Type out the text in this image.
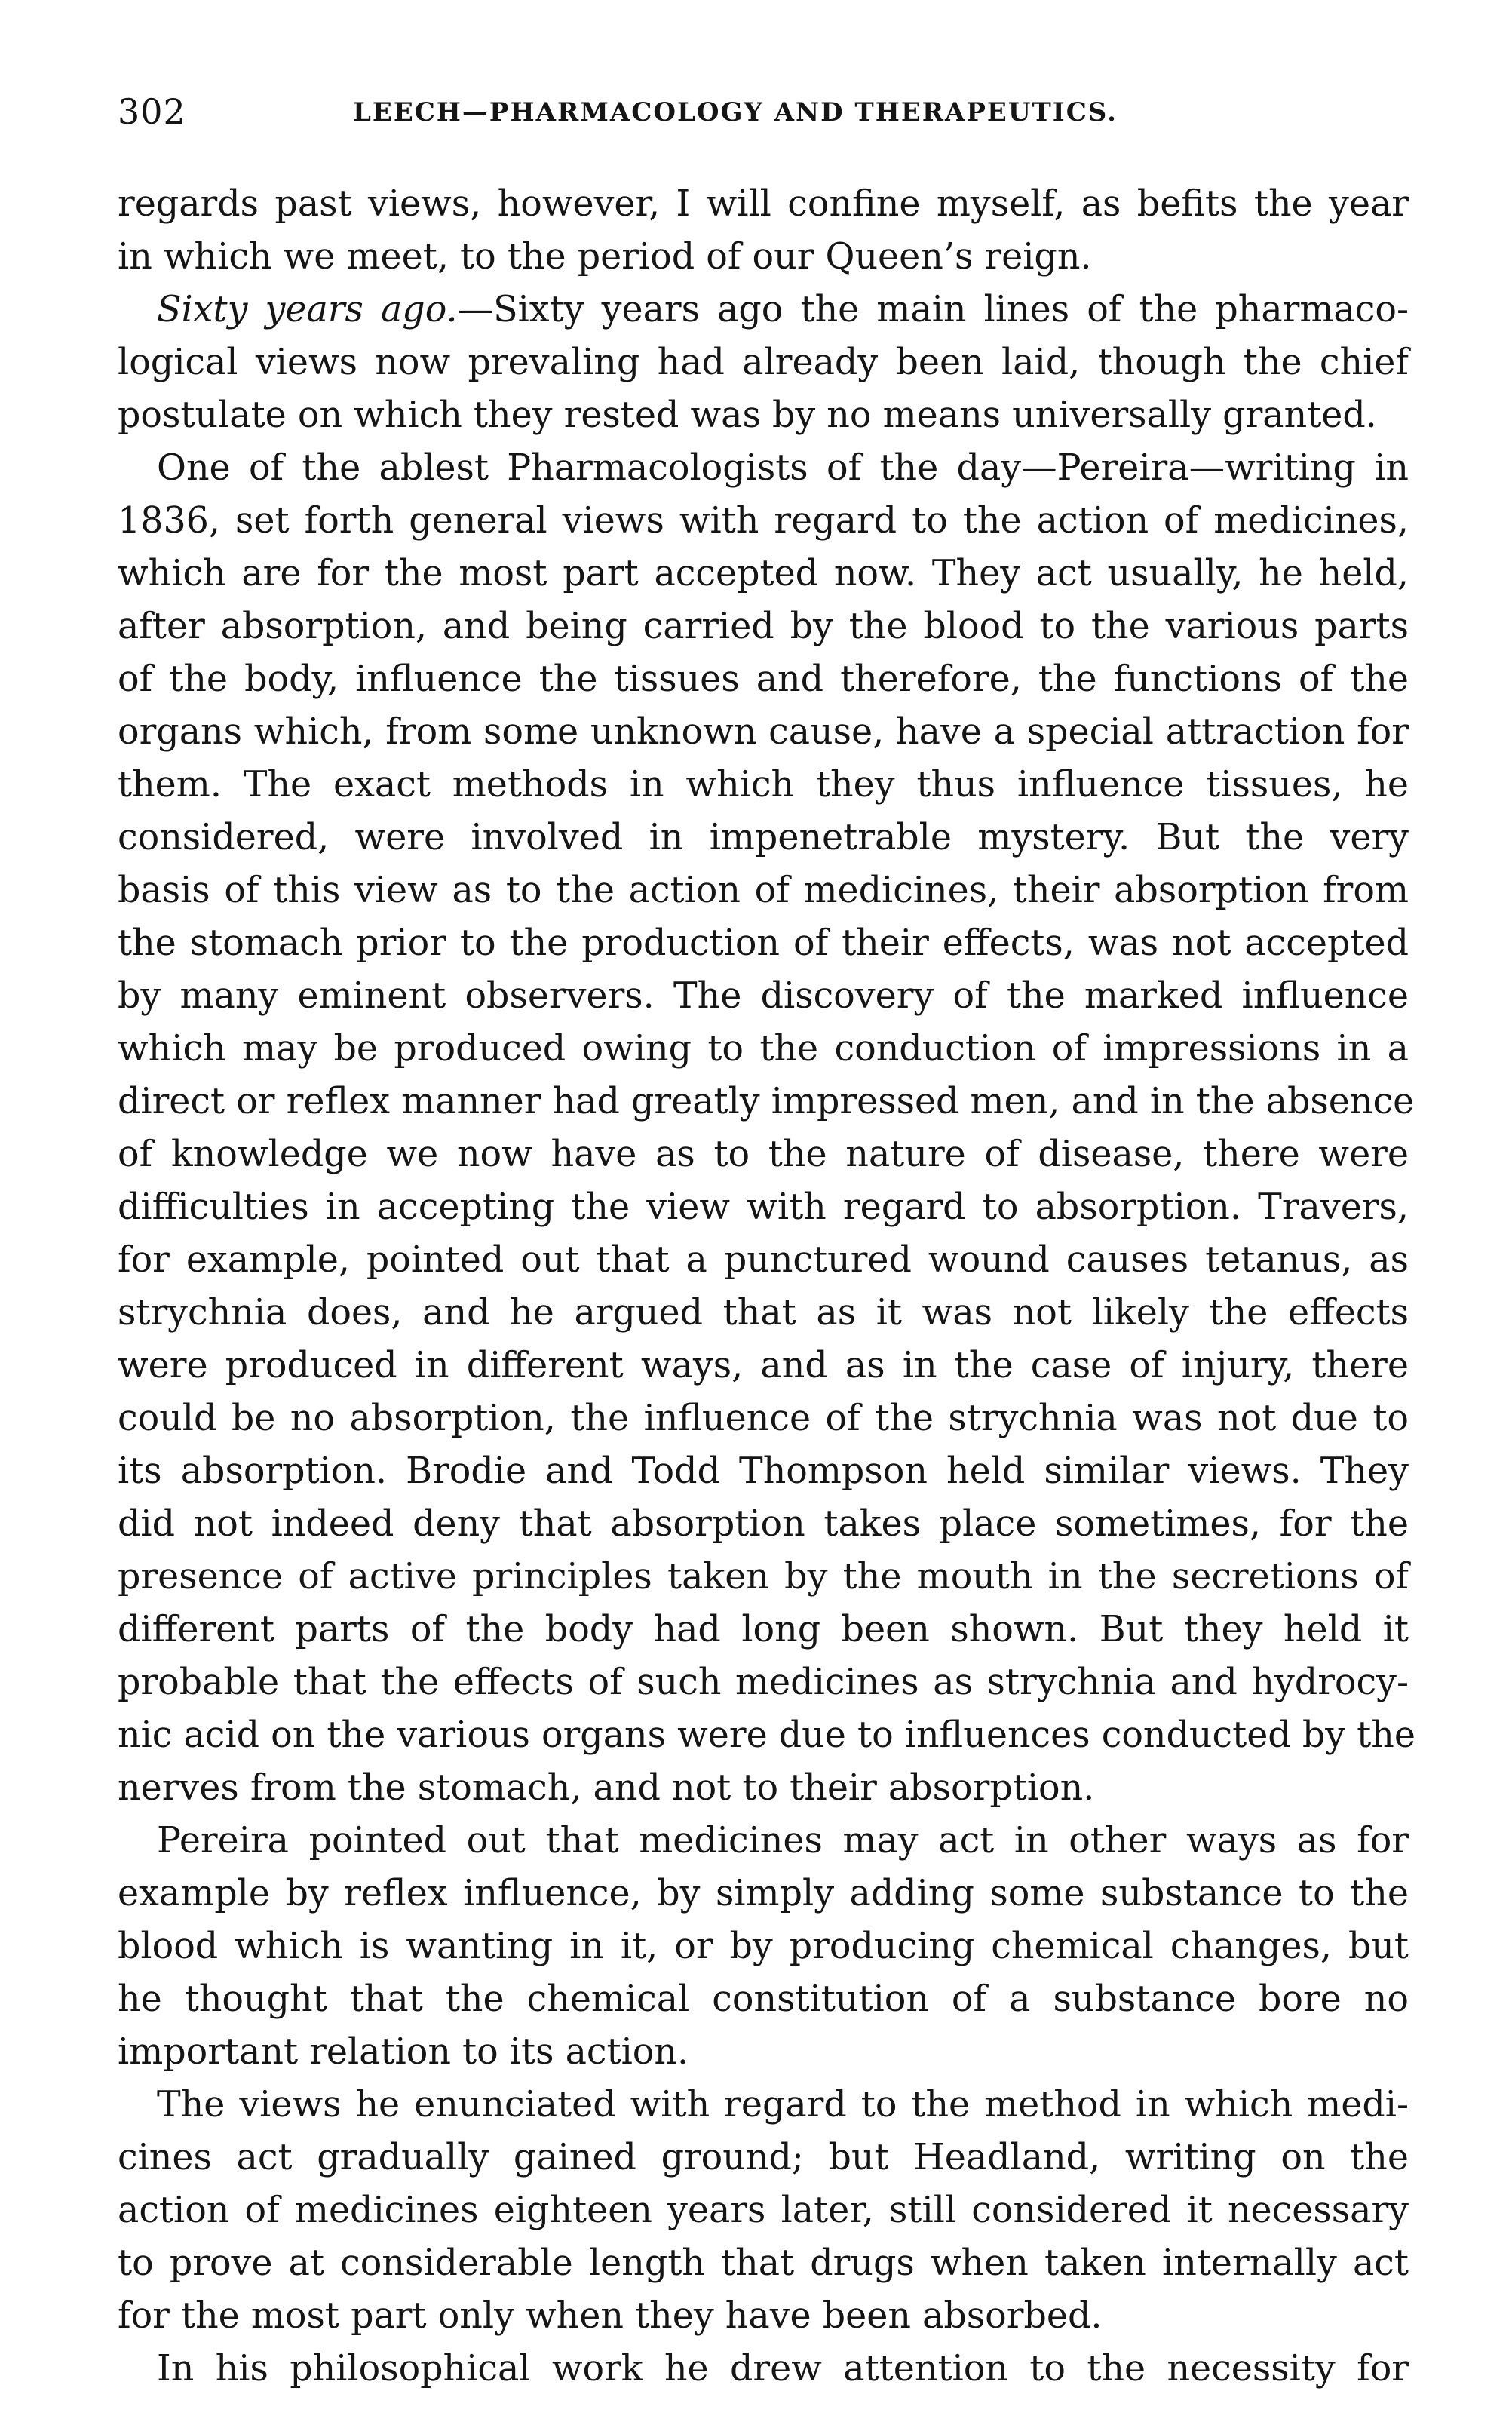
302	LEECH—PHARMACOLOGY AND THERAPEUTICS.
regards past views, however, I will confine myself, as befits the year
in which we meet, to the period of our Queen’s reign.
Sixty years ago.—Sixty years ago the main lines of the pharmaco-
logical views now prevaling had already been laid, though the chief
postulate on which they rested was by no means universally granted.
One of the ablest Pharmacologists of the day—Pereira—writing in
1836, set forth general views with regard to the action of medicines,
which are for the most part accepted now. They act usually, he held,
after absorption, and being carried by the blood to the various parts
of the body, influence the tissues and therefore, the functions of the
organs which, from some unknown cause, have a special attraction for
them. The exact methods in which they thus influence tissues, he
considered, were involved in impenetrable mystery. But the very
basis of this view as to the action of medicines, their absorption from
the stomach prior to the production of their effects, was not accepted
by many eminent observers. The discovery of the marked influence
which may be produced owing to the conduction of impressions in a
direct or reflex manner had greatly impressed men, and in the absence
of knowledge we now have as to the nature of disease, there were
difficulties in accepting the view with regard to absorption. Travers,
for example, pointed out that a punctured wound causes tetanus, as
strychnia does, and he argued that as it was not likely the effects
were produced in different ways, and as in the case of injury, there
could be no absorption, the influence of the strychnia was not due to
its absorption. Brodie and Todd Thompson held similar views. They
did not indeed deny that absorption takes place sometimes, for the
presence of active principles taken by the mouth in the secretions of
different parts of the body had long been shown. But they held it
probable that the effects of such medicines as strychnia and hydrocy-
nic acid on the various organs were due to influences conducted by the
nerves from the stomach, and not to their absorption.
Pereira pointed out that medicines may act in other ways as for
example by reflex influence, by simply adding some substance to the
blood which is wanting in it, or by producing chemical changes, but
he thought that the chemical constitution of a substance bore no
important relation to its action.
The views he enunciated with regard to the method in which medi-
cines act gradually gained ground; but Headland, writing on the
action of medicines eighteen years later, still considered it necessary
to prove at considerable length that drugs when taken internally act
for the most part only when they have been absorbed.
In his philosophical work he drew attention to the necessity for
